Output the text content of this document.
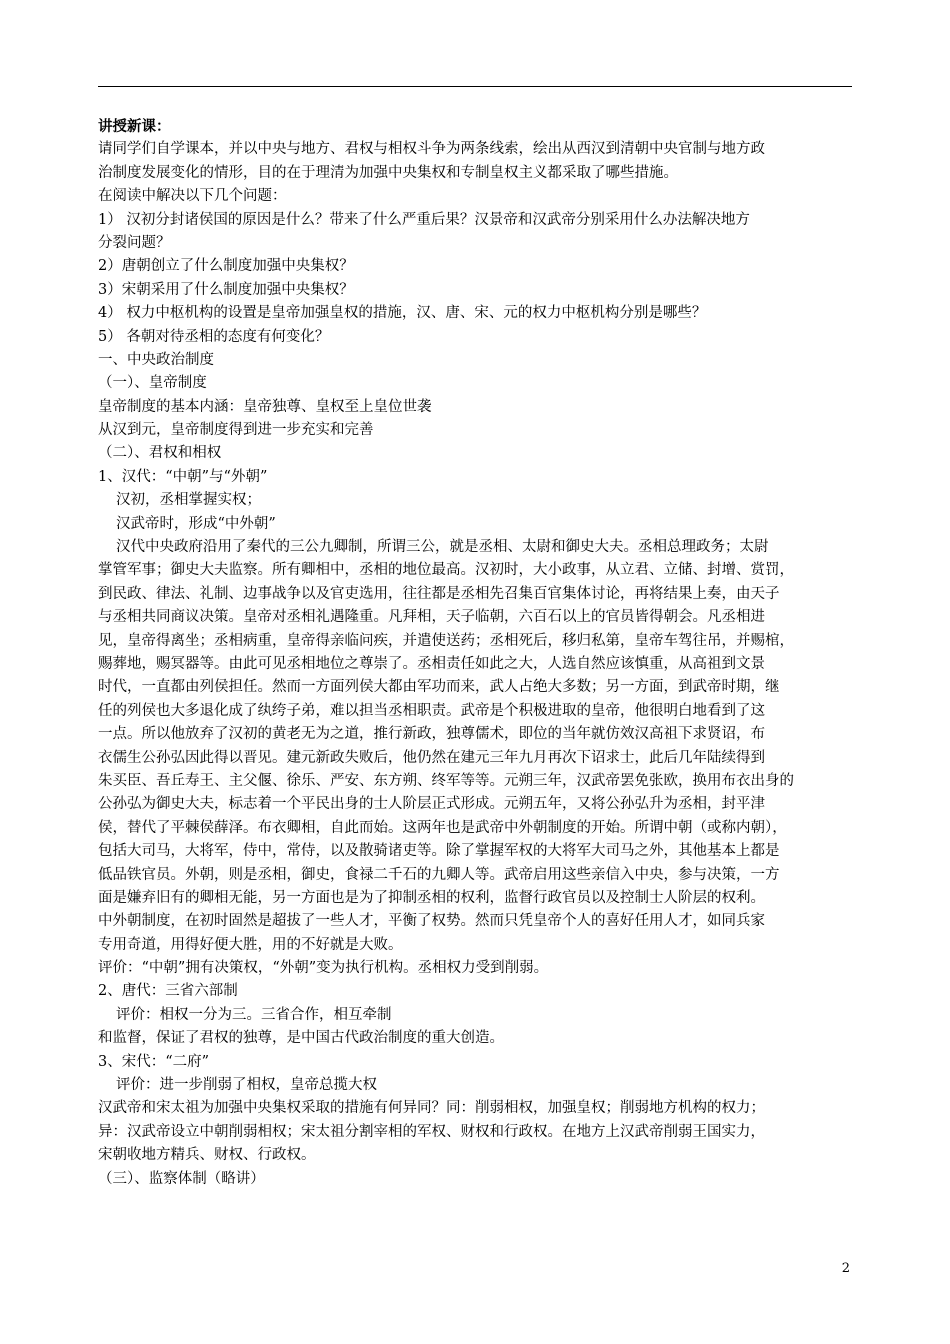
讲授新课：
请同学们自学课本，并以中央与地方、君权与相权斗争为两条线索，绘出从西汉到清朝中央官制与地方政
治制度发展变化的情形，目的在于理清为加强中央集权和专制皇权主义都采取了哪些措施。
在阅读中解决以下几个问题：
1） 汉初分封诸侯国的原因是什么？带来了什么严重后果？汉景帝和汉武帝分别采用什么办法解决地方
分裂问题？
2）唐朝创立了什么制度加强中央集权？
3）宋朝采用了什么制度加强中央集权？
4） 权力中枢机构的设置是皇帝加强皇权的措施，汉、唐、宋、元的权力中枢机构分别是哪些？
5） 各朝对待丞相的态度有何变化？
一、中央政治制度
（一）、皇帝制度
皇帝制度的基本内涵：皇帝独尊、皇权至上皇位世袭
从汉到元，皇帝制度得到进一步充实和完善
（二）、君权和相权
1、汉代：“中朝”与“外朝”
汉初，丞相掌握实权；
汉武帝时，形成“中外朝”
汉代中央政府沿用了秦代的三公九卿制，所谓三公，就是丞相、太尉和御史大夫。丞相总理政务；太尉
掌管军事；御史大夫监察。所有卿相中，丞相的地位最高。汉初时，大小政事，从立君、立储、封增、赏罚，
到民政、律法、礼制、边事战争以及官吏选用，往往都是丞相先召集百官集体讨论，再将结果上奏，由天子
与丞相共同商议决策。皇帝对丞相礼遇隆重。凡拜相，天子临朝，六百石以上的官员皆得朝会。凡丞相进
见，皇帝得离坐；丞相病重，皇帝得亲临问疾，并遣使送药；丞相死后，移归私第，皇帝车驾往吊，并赐棺，
赐葬地，赐冥器等。由此可见丞相地位之尊崇了。丞相责任如此之大，人选自然应该慎重，从高祖到文景
时代，一直都由列侯担任。然而一方面列侯大都由军功而来，武人占绝大多数；另一方面，到武帝时期，继
任的列侯也大多退化成了纨绔子弟，难以担当丞相职责。武帝是个积极进取的皇帝，他很明白地看到了这
一点。所以他放弃了汉初的黄老无为之道，推行新政，独尊儒术，即位的当年就仿效汉高祖下求贤诏，布
衣儒生公孙弘因此得以晋见。建元新政失败后，他仍然在建元三年九月再次下诏求士，此后几年陆续得到
朱买臣、吾丘寿王、主父偃、徐乐、严安、东方朔、终军等等。元朔三年，汉武帝罢免张欧，换用布衣出身的
公孙弘为御史大夫，标志着一个平民出身的士人阶层正式形成。元朔五年，又将公孙弘升为丞相，封平津
侯，替代了平棘侯薛泽。布衣卿相，自此而始。这两年也是武帝中外朝制度的开始。所谓中朝（或称内朝），
包括大司马，大将军，侍中，常侍，以及散骑诸吏等。除了掌握军权的大将军大司马之外，其他基本上都是
低品铁官员。外朝，则是丞相，御史，食禄二千石的九卿人等。武帝启用这些亲信入中央，参与决策，一方
面是嫌弃旧有的卿相无能，另一方面也是为了抑制丞相的权利，监督行政官员以及控制士人阶层的权利。
中外朝制度，在初时固然是超拔了一些人才，平衡了权势。然而只凭皇帝个人的喜好任用人才，如同兵家
专用奇道，用得好便大胜，用的不好就是大败。
评价：“中朝”拥有决策权，“外朝”变为执行机构。丞相权力受到削弱。
2、唐代：三省六部制
评价：相权一分为三。三省合作，相互牵制
和监督，保证了君权的独尊，是中国古代政治制度的重大创造。
3、宋代：“二府”
评价：进一步削弱了相权，皇帝总揽大权
汉武帝和宋太祖为加强中央集权采取的措施有何异同？同：削弱相权，加强皇权；削弱地方机构的权力；
异：汉武帝设立中朝削弱相权；宋太祖分割宰相的军权、财权和行政权。在地方上汉武帝削弱王国实力，
宋朝收地方精兵、财权、行政权。
（三）、监察体制（略讲）
2
